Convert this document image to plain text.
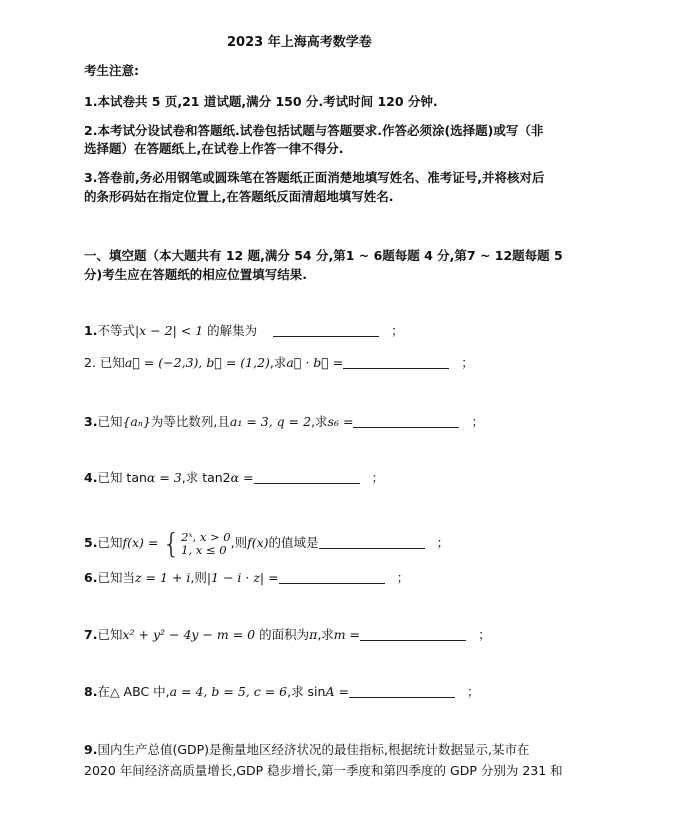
2023 年上海高考数学卷
考生注意:
1.本试卷共 5 页,21 道试题,满分 150 分.考试时间 120 分钟.
2.本考试分设试卷和答题纸.试卷包括试题与答题要求.作答必须涂(选择题)或写（非
选择题）在答题纸上,在试卷上作答一律不得分.
3.答卷前,务必用钢笔或圆珠笔在答题纸正面消楚地填写姓名、准考证号,并将核对后
的条形码姑在指定位置上,在答题纸反面清超地填写姓名.
一、填空题（本大题共有 12 题,满分 54 分,第1 ~ 6题每题 4 分,第7 ~ 12题每题 5
分)考生应在答题纸的相应位置填写结果.
1.不等式|x − 2| < 1 的解集为	；
2. 已知a⃗ = (−2,3), b⃗ = (1,2),求a⃗ · b⃗ =	；
3.已知{aₙ}为等比数列,且a₁ = 3, q = 2,求s₆ =	；
4.已知 tanα = 3,求 tan2α =	；
5.已知f(x) = { 2ˣ, x > 0
1, x ≤ 0 ,则f(x)的值域是	；
6.已知当z = 1 + i,则|1 − i · z| =	；
7.已知x² + y² − 4y − m = 0 的面积为π,求m =	；
8.在△ ABC 中,a = 4, b = 5, c = 6,求 sinA =	；
9.国内生产总值(GDP)是衡量地区经济状况的最佳指标,根据统计数据显示,某市在
2020 年间经济高质量增长,GDP 稳步增长,第一季度和第四季度的 GDP 分别为 231 和
